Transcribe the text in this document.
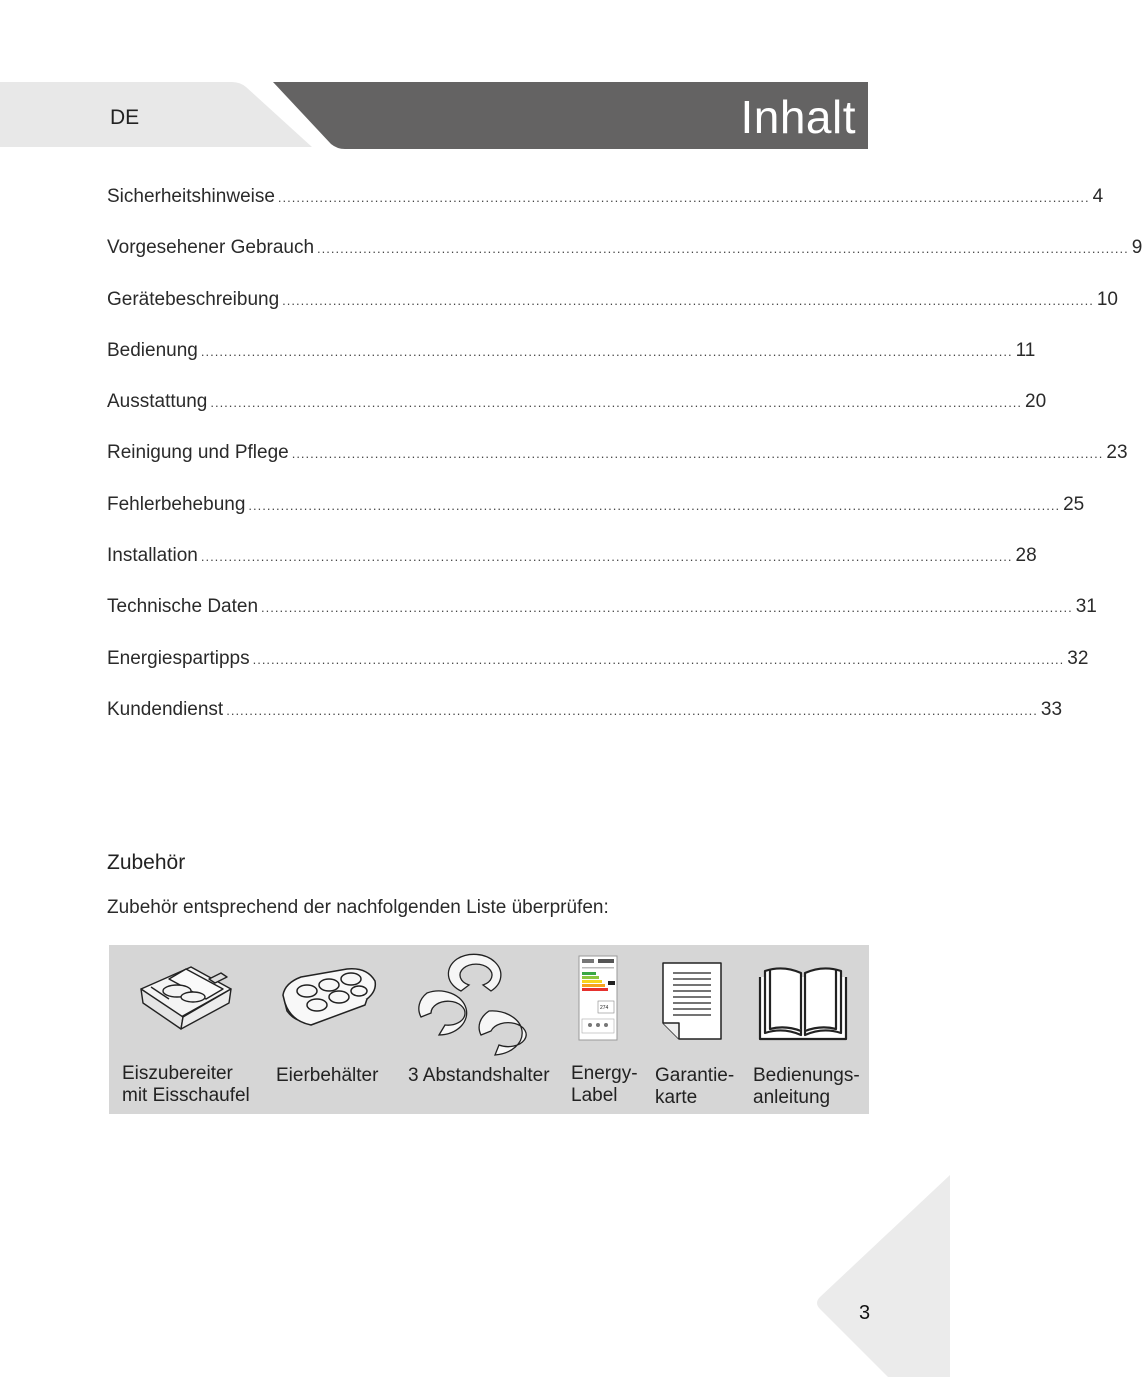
DE	Inhalt
Sicherheitshinweise ................................................................................................................................................................................ 4
Vorgesehener Gebrauch ................................................................................................................................................................................ 9
Gerätebeschreibung ................................................................................................................................................................................ 10
Bedienung ................................................................................................................................................................................ 11
Ausstattung ................................................................................................................................................................................ 20
Reinigung und Pflege ................................................................................................................................................................................ 23
Fehlerbehebung ................................................................................................................................................................................ 25
Installation ................................................................................................................................................................................ 28
Technische Daten ................................................................................................................................................................................ 31
Energiespartipps ................................................................................................................................................................................ 32
Kundendienst ................................................................................................................................................................................ 33
Zubehör
Zubehör entsprechend der nachfolgenden Liste überprüfen:
Eiszubereiter
mit Eisschaufel
Eierbehälter 3 Abstandshalter
274
Energy-
Label
Garantie-
karte
Bedienungs-
anleitung
3
